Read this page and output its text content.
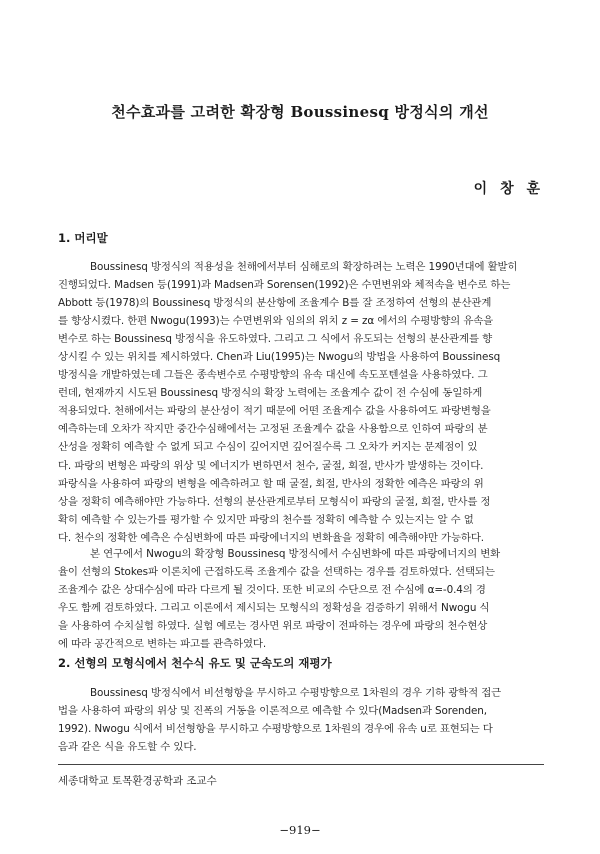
천수효과를 고려한 확장형 Boussinesq 방정식의 개선
이 창 훈
1. 머리말
Boussinesq 방정식의 적용성을 천해에서부터 심해로의 확장하려는 노력은 1990년대에 활발히
진행되었다. Madsen 등(1991)과 Madsen과 Sorensen(1992)은 수면변위와 체적속을 변수로 하는
Abbott 등(1978)의 Boussinesq 방정식의 분산항에 조율계수 B를 잘 조정하여 선형의 분산관계
를 향상시켰다. 한편 Nwogu(1993)는 수면변위와 임의의 위치 z = zα 에서의 수평방향의 유속을
변수로 하는 Boussinesq 방정식을 유도하였다. 그리고 그 식에서 유도되는 선형의 분산관계를 향
상시킬 수 있는 위치를 제시하였다. Chen과 Liu(1995)는 Nwogu의 방법을 사용하여 Boussinesq
방정식을 개발하였는데 그들은 종속변수로 수평방향의 유속 대신에 속도포텐셜을 사용하였다. 그
런데, 현재까지 시도된 Boussinesq 방정식의 확장 노력에는 조율계수 값이 전 수심에 동일하게
적용되었다. 천해에서는 파랑의 분산성이 적기 때문에 어떤 조율계수 값을 사용하여도 파랑변형을
예측하는데 오차가 작지만 중간수심해에서는 고정된 조율계수 값을 사용함으로 인하여 파랑의 분
산성을 정확히 예측할 수 없게 되고 수심이 깊어지면 깊어질수록 그 오차가 커지는 문제점이 있
다. 파랑의 변형은 파랑의 위상 및 에너지가 변하면서 천수, 굴절, 회절, 반사가 발생하는 것이다.
파랑식을 사용하여 파랑의 변형을 예측하려고 할 때 굴절, 회절, 반사의 정확한 예측은 파랑의 위
상을 정확히 예측해야만 가능하다. 선형의 분산관계로부터 모형식이 파랑의 굴절, 회절, 반사를 정
확히 예측할 수 있는가를 평가할 수 있지만 파랑의 천수를 정확히 예측할 수 있는지는 알 수 없
다. 천수의 정확한 예측은 수심변화에 따른 파랑에너지의 변화율을 정확히 예측해야만 가능하다.
본 연구에서 Nwogu의 확장형 Boussinesq 방정식에서 수심변화에 따른 파랑에너지의 변화
율이 선형의 Stokes파 이론치에 근접하도록 조율계수 값을 선택하는 경우를 검토하였다. 선택되는
조율계수 값은 상대수심에 따라 다르게 될 것이다. 또한 비교의 수단으로 전 수심에 α=-0.4의 경
우도 함께 검토하였다. 그리고 이론에서 제시되는 모형식의 정확성을 검증하기 위해서 Nwogu 식
을 사용하여 수치실험 하였다. 실험 예로는 경사면 위로 파랑이 전파하는 경우에 파랑의 천수현상
에 따라 공간적으로 변하는 파고를 관측하였다.
2. 선형의 모형식에서 천수식 유도 및 군속도의 재평가
Boussinesq 방정식에서 비선형항을 무시하고 수평방향으로 1차원의 경우 기하 광학적 접근
법을 사용하여 파랑의 위상 및 진폭의 거동을 이론적으로 예측할 수 있다(Madsen과 Sorenden,
1992). Nwogu 식에서 비선형항을 무시하고 수평방향으로 1차원의 경우에 유속 u로 표현되는 다
음과 같은 식을 유도할 수 있다.
세종대학교 토목환경공학과 조교수
−919−
